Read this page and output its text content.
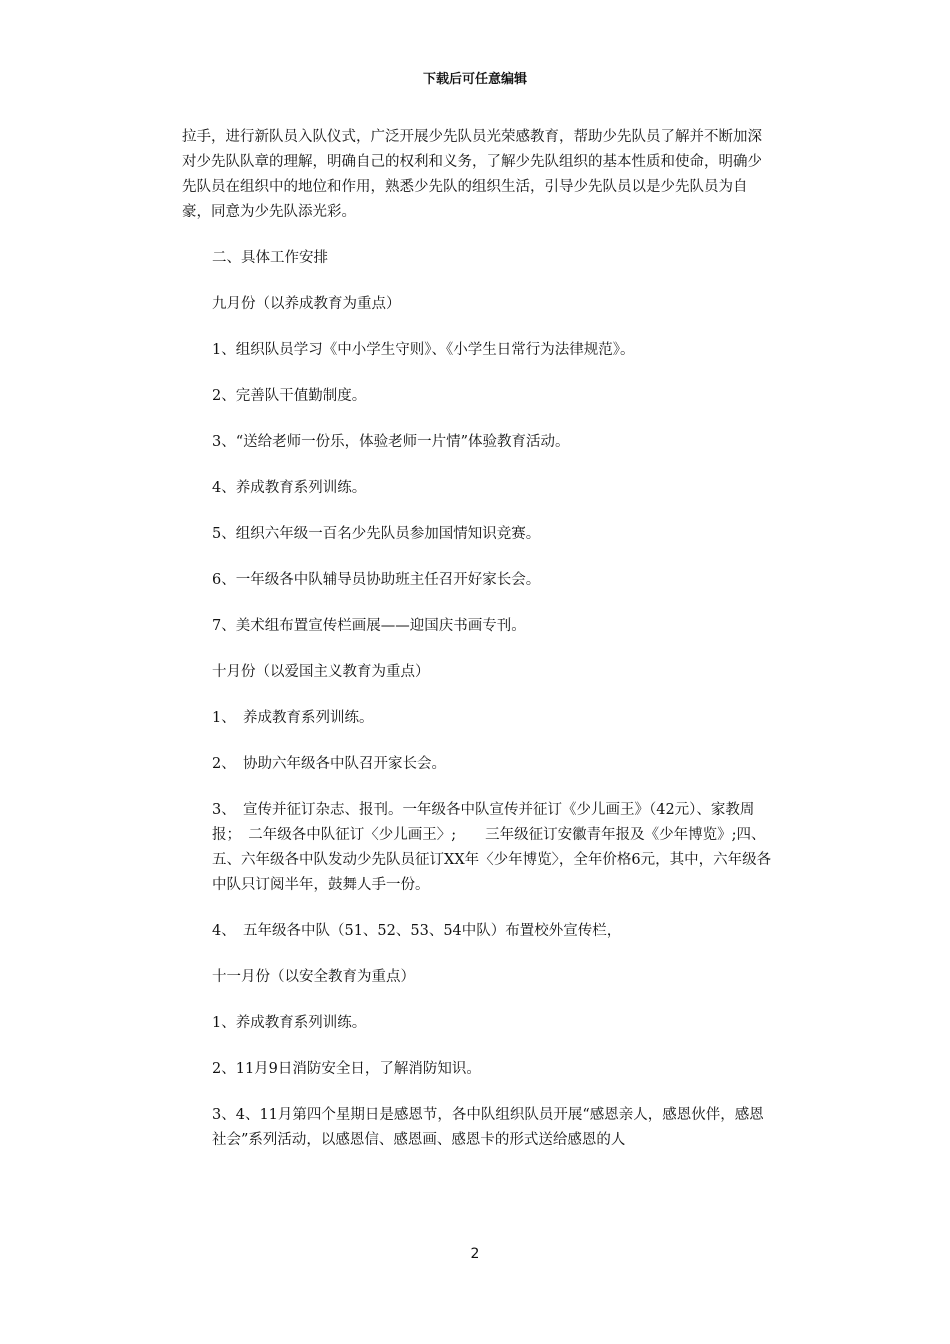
下载后可任意编辑

拉手，进行新队员入队仪式，广泛开展少先队员光荣感教育，帮助少先队员了解并不断加深对少先队队章的理解，明确自己的权利和义务，了解少先队组织的基本性质和使命，明确少先队员在组织中的地位和作用，熟悉少先队的组织生活，引导少先队员以是少先队员为自豪，同意为少先队添光彩。

二、具体工作安排

九月份（以养成教育为重点）

1、组织队员学习《中小学生守则》、《小学生日常行为法律规范》。

2、完善队干值勤制度。

3、“送给老师一份乐，体验老师一片情”体验教育活动。

4、养成教育系列训练。

5、组织六年级一百名少先队员参加国情知识竞赛。

6、一年级各中队辅导员协助班主任召开好家长会。

7、美术组布置宣传栏画展——迎国庆书画专刊。

十月份（以爱国主义教育为重点）

1、　养成教育系列训练。

2、　协助六年级各中队召开家长会。

3、　宣传并征订杂志、报刊。一年级各中队宣传并征订《少儿画王》（42元）、家教周报；　二年级各中队征订〈少儿画王〉;　　三年级征订安徽青年报及《少年博览》;四、五、六年级各中队发动少先队员征订XX年〈少年博览〉，全年价格6元，其中，六年级各中队只订阅半年，鼓舞人手一份。

4、　五年级各中队（51、52、53、54中队）布置校外宣传栏，

十一月份（以安全教育为重点）

1、养成教育系列训练。

2、11月9日消防安全日，了解消防知识。

3、4、11月第四个星期日是感恩节，各中队组织队员开展“感恩亲人，感恩伙伴，感恩社会”系列活动，以感恩信、感恩画、感恩卡的形式送给感恩的人

2
